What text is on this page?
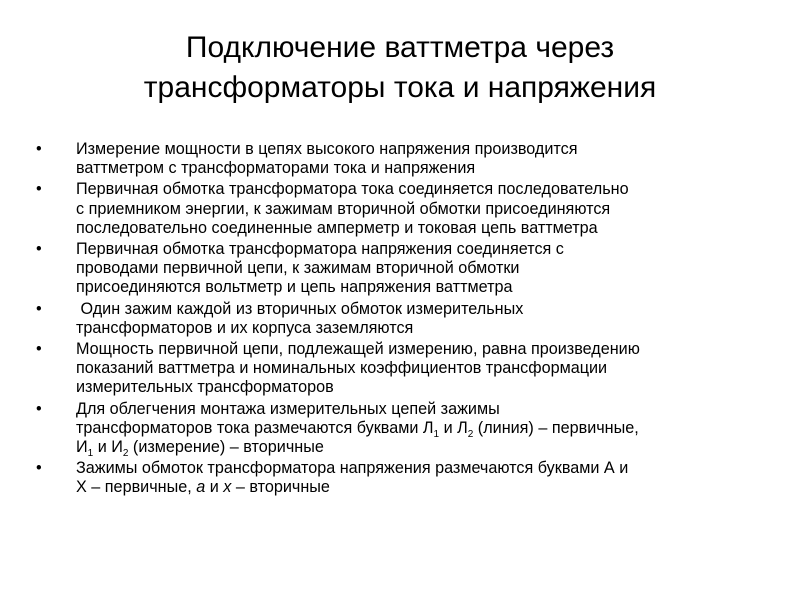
Подключение ваттметра через
трансформаторы тока и напряжения
• Измерение мощности в цепях высокого напряжения производится
ваттметром с трансформаторами тока и напряжения
• Первичная обмотка трансформатора тока соединяется последовательно
с приемником энергии, к зажимам вторичной обмотки присоединяются
последовательно соединенные амперметр и токовая цепь ваттметра
• Первичная обмотка трансформатора напряжения соединяется с
проводами первичной цепи, к зажимам вторичной обмотки
присоединяются вольтметр и цепь напряжения ваттметра
•  Один зажим каждой из вторичных обмоток измерительных
трансформаторов и их корпуса заземляются
• Мощность первичной цепи, подлежащей измерению, равна произведению
показаний ваттметра и номинальных коэффициентов трансформации
измерительных трансформаторов
• Для облегчения монтажа измерительных цепей зажимы
трансформаторов тока размечаются буквами $Л_1$ и $Л_2$ (линия) – первичные,
$И_1$ и $И_2$ (измерение) – вторичные
• Зажимы обмоток трансформатора напряжения размечаются буквами А и
Х – первичные, а и х – вторичные
